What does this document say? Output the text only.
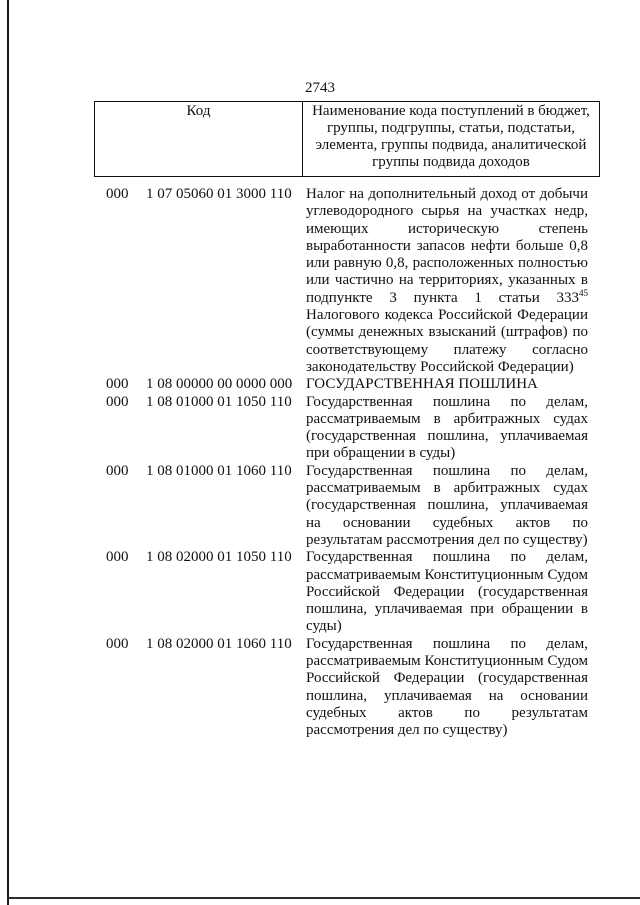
2743
Код	Наименование кода поступлений в бюджет, группы, подгруппы, статьи, подстатьи, элемента, группы подвида, аналитической группы подвида доходов
000 1 07 05060 01 3000 110 Налог на дополнительный доход от добычи углеводородного сырья на участках недр, имеющих историческую степень выработанности запасов нефти больше 0,8 или равную 0,8, расположенных полностью или частично на территориях, указанных в подпункте 3 пункта 1 статьи $333^{45}$ Налогового кодекса Российской Федерации (суммы денежных взысканий (штрафов) по соответствующему платежу согласно законодательству Российской Федерации)
000 1 08 00000 00 0000 000 ГОСУДАРСТВЕННАЯ ПОШЛИНА
000 1 08 01000 01 1050 110 Государственная пошлина по делам, рассматриваемым в арбитражных судах (государственная пошлина, уплачиваемая при обращении в суды)
000 1 08 01000 01 1060 110 Государственная пошлина по делам, рассматриваемым в арбитражных судах (государственная пошлина, уплачиваемая на основании судебных актов по результатам рассмотрения дел по существу)
000 1 08 02000 01 1050 110 Государственная пошлина по делам, рассматриваемым Конституционным Судом Российской Федерации (государственная пошлина, уплачиваемая при обращении в суды)
000 1 08 02000 01 1060 110 Государственная пошлина по делам, рассматриваемым Конституционным Судом Российской Федерации (государственная пошлина, уплачиваемая на основании судебных актов по результатам рассмотрения дел по существу)
